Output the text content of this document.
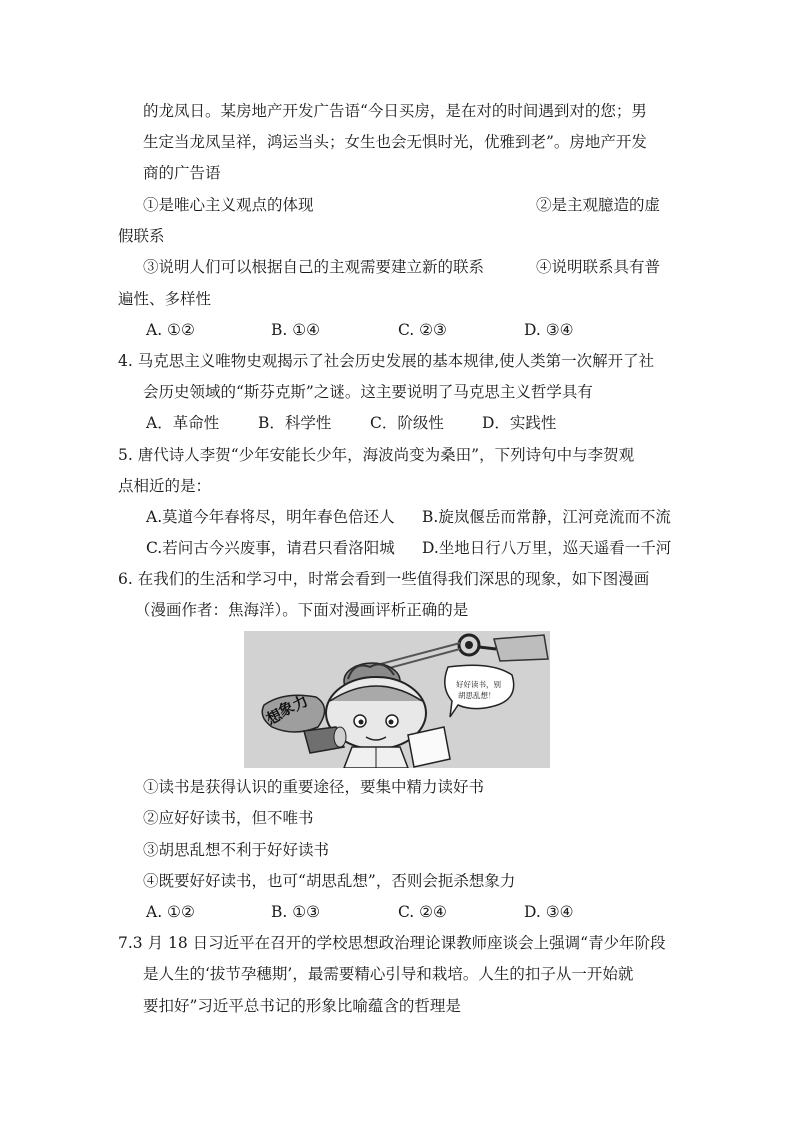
的龙凤日。某房地产开发广告语“今日买房，是在对的时间遇到对的您；男
生定当龙凤呈祥，鸿运当头；女生也会无惧时光，优雅到老”。房地产开发
商的广告语
①是唯心主义观点的体现	②是主观臆造的虚
假联系
③说明人们可以根据自己的主观需要建立新的联系	④说明联系具有普
遍性、多样性
A. ①②	B. ①④	C. ②③	D. ③④
4. 马克思主义唯物史观揭示了社会历史发展的基本规律,使人类第一次解开了社
会历史领域的“斯芬克斯”之谜。这主要说明了马克思主义哲学具有
A．革命性	B．科学性 C．阶级性 D．实践性
5. 唐代诗人李贺“少年安能长少年，海波尚变为桑田”，下列诗句中与李贺观
点相近的是：
A.莫道今年春将尽，明年春色倍还人 B.旋岚偃岳而常静，江河竞流而不流
C.若问古今兴废事，请君只看洛阳城 D.坐地日行八万里，巡天遥看一千河
6. 在我们的生活和学习中，时常会看到一些值得我们深思的现象，如下图漫画
（漫画作者：焦海洋）。下面对漫画评析正确的是
好好读书，别
胡思乱想！
想
象
力
①读书是获得认识的重要途径，要集中精力读好书
②应好好读书，但不唯书
③胡思乱想不利于好好读书
④既要好好读书，也可“胡思乱想”，否则会扼杀想象力
A. ①②	B. ①③	C. ②④	D. ③④
7.3 月 18 日习近平在召开的学校思想政治理论课教师座谈会上强调“青少年阶段
是人生的‘拔节孕穗期’，最需要精心引导和栽培。人生的扣子从一开始就
要扣好”习近平总书记的形象比喻蕴含的哲理是
